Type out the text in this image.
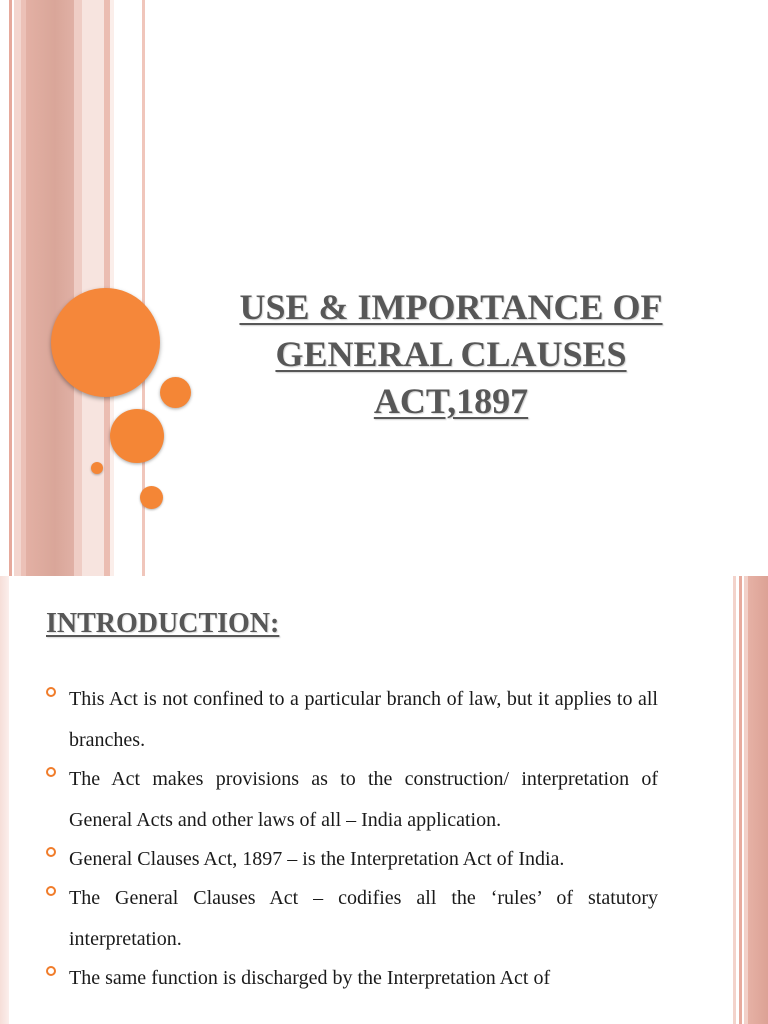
USE & IMPORTANCE OF
GENERAL CLAUSES
ACT,1897
INTRODUCTION:
This Act is not confined to a particular branch of law, but it applies to all branches.
The Act makes provisions as to the construction/ interpretation of General Acts and other laws of all – India application.
General Clauses Act, 1897 – is the Interpretation Act of India.
The General Clauses Act – codifies all the ‘rules’ of statutory interpretation.
The same function is discharged by the Interpretation Act of
